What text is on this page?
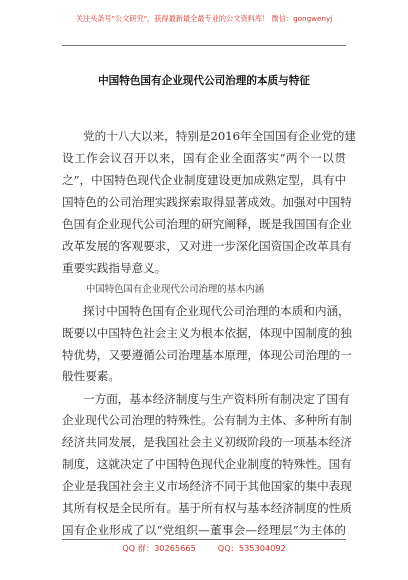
关注头条号"公文研究"，获得最新最全最专业的公文资料库！ 微信：gongwenyj
中国特色国有企业现代公司治理的本质与特征
党的十八大以来，特别是2016年全国国有企业党的建
设工作会议召开以来，国有企业全面落实“两个一以贯
之”，中国特色现代企业制度建设更加成熟定型，具有中
国特色的公司治理实践探索取得显著成效。加强对中国特
色国有企业现代公司治理的研究阐释，既是我国国有企业
改革发展的客观要求，又对进一步深化国资国企改革具有
重要实践指导意义。
中国特色国有企业现代公司治理的基本内涵
探讨中国特色国有企业现代公司治理的本质和内涵，
既要以中国特色社会主义为根本依据，体现中国制度的独
特优势，又要遵循公司治理基本原理，体现公司治理的一
般性要素。
一方面，基本经济制度与生产资料所有制决定了国有
企业现代公司治理的特殊性。公有制为主体、多种所有制
经济共同发展，是我国社会主义初级阶段的一项基本经济
制度，这就决定了中国特色现代企业制度的特殊性。国有
企业是我国社会主义市场经济不同于其他国家的集中表现
其所有权是全民所有。基于所有权与基本经济制度的性质
国有企业形成了以“党组织—董事会—经理层”为主体的
QQ 群：30265665	QQ：535304092
